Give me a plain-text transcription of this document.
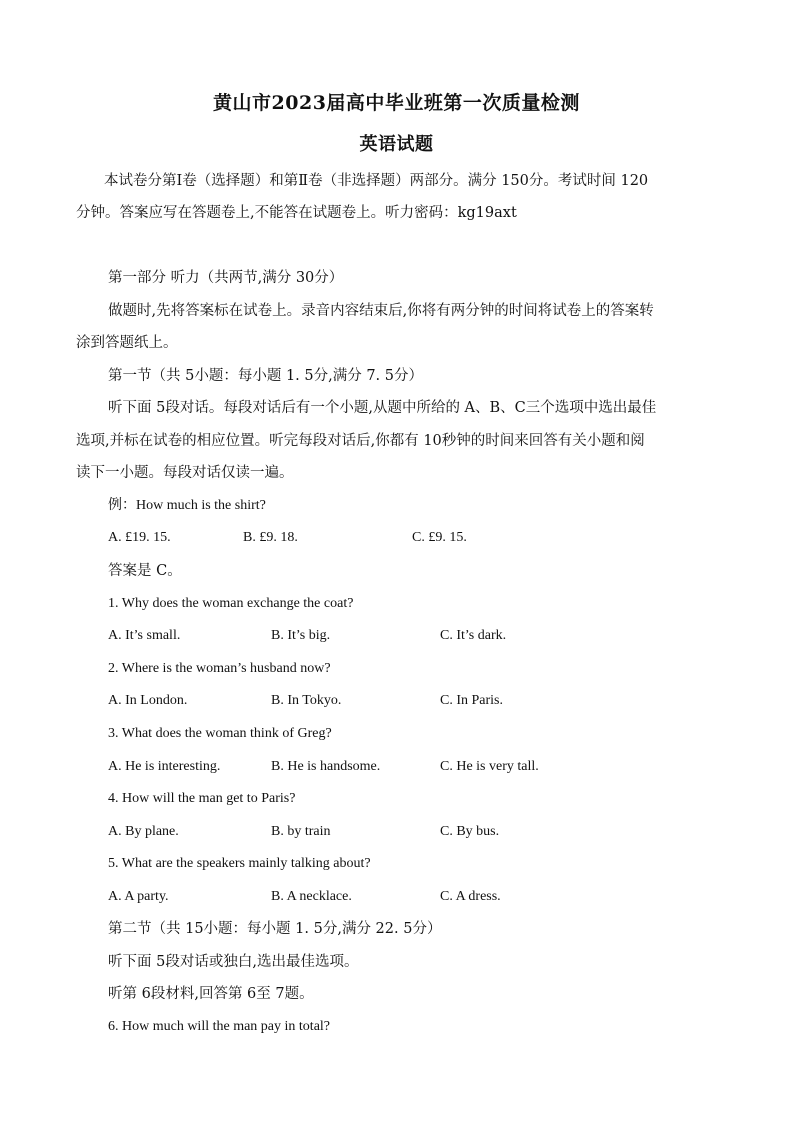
黄山市2023届高中毕业班第一次质量检测
英语试题
本试卷分第Ⅰ卷（选择题）和第Ⅱ卷（非选择题）两部分。满分 150分。考试时间 120
分钟。答案应写在答题卷上,不能答在试题卷上。听力密码：kg19axt
第一部分 听力（共两节,满分 30分）
做题时,先将答案标在试卷上。录音内容结束后,你将有两分钟的时间将试卷上的答案转
涂到答题纸上。
第一节（共 5小题：每小题 1. 5分,满分 7. 5分）
听下面 5段对话。每段对话后有一个小题,从题中所给的 A、B、C三个选项中选出最佳
选项,并标在试卷的相应位置。听完每段对话后,你都有 10秒钟的时间来回答有关小题和阅
读下一小题。每段对话仅读一遍。
例：How much is the shirt?
A. £19. 15.	B. £9. 18.	C. £9. 15.
答案是 C。
1. Why does the woman exchange the coat?
A. It’s small.	B. It’s big.	C. It’s dark.
2. Where is the woman’s husband now?
A. In London.	B. In Tokyo.	C. In Paris.
3. What does the woman think of Greg?
A. He is interesting.	B. He is handsome.	C. He is very tall.
4. How will the man get to Paris?
A. By plane.	B. by train	C. By bus.
5. What are the speakers mainly talking about?
A. A party.	B. A necklace.	C. A dress.
第二节（共 15小题：每小题 1. 5分,满分 22. 5分）
听下面 5段对话或独白,选出最佳选项。
听第 6段材料,回答第 6至 7题。
6. How much will the man pay in total?
